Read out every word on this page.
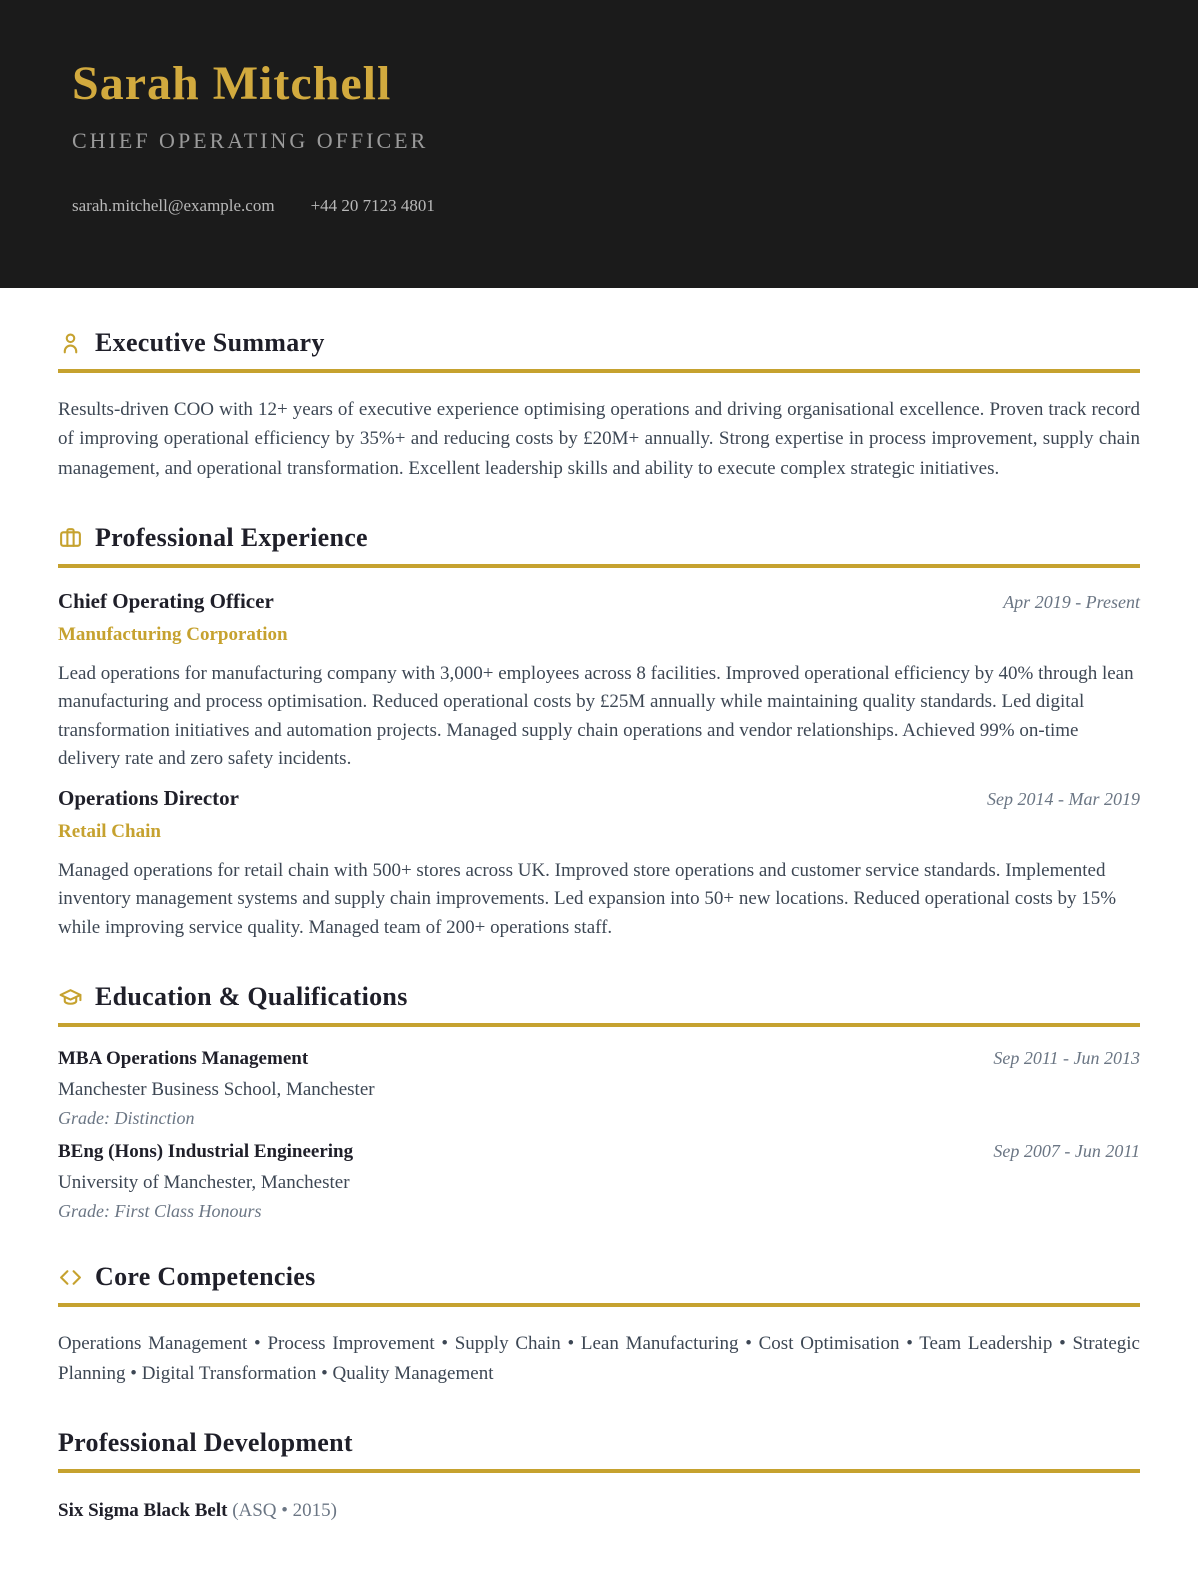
Sarah Mitchell
CHIEF OPERATING OFFICER
sarah.mitchell@example.com +44 20 7123 4801
Executive Summary

Results-driven COO with 12+ years of executive experience optimising operations and driving organisational excellence. Proven track record of improving operational efficiency by 35%+ and reducing costs by £20M+ annually. Strong expertise in process improvement, supply chain management, and operational transformation. Excellent leadership skills and ability to execute complex strategic initiatives.

Professional Experience
Chief Operating Officer	Apr 2019 - Present
Manufacturing Corporation
Lead operations for manufacturing company with 3,000+ employees across 8 facilities. Improved operational efficiency by 40% through lean manufacturing and process optimisation. Reduced operational costs by £25M annually while maintaining quality standards. Led digital transformation initiatives and automation projects. Managed supply chain operations and vendor relationships. Achieved 99% on-time delivery rate and zero safety incidents.
Operations Director	Sep 2014 - Mar 2019
Retail Chain
Managed operations for retail chain with 500+ stores across UK. Improved store operations and customer service standards. Implemented inventory management systems and supply chain improvements. Led expansion into 50+ new locations. Reduced operational costs by 15% while improving service quality. Managed team of 200+ operations staff.
Education & Qualifications
MBA Operations Management	Sep 2011 - Jun 2013
Manchester Business School, Manchester
Grade: Distinction
BEng (Hons) Industrial Engineering	Sep 2007 - Jun 2011
University of Manchester, Manchester
Grade: First Class Honours
Core Competencies

Operations Management • Process Improvement • Supply Chain • Lean Manufacturing • Cost Optimisation • Team Leadership • Strategic Planning • Digital Transformation • Quality Management

Professional Development
Six Sigma Black Belt (ASQ • 2015)
